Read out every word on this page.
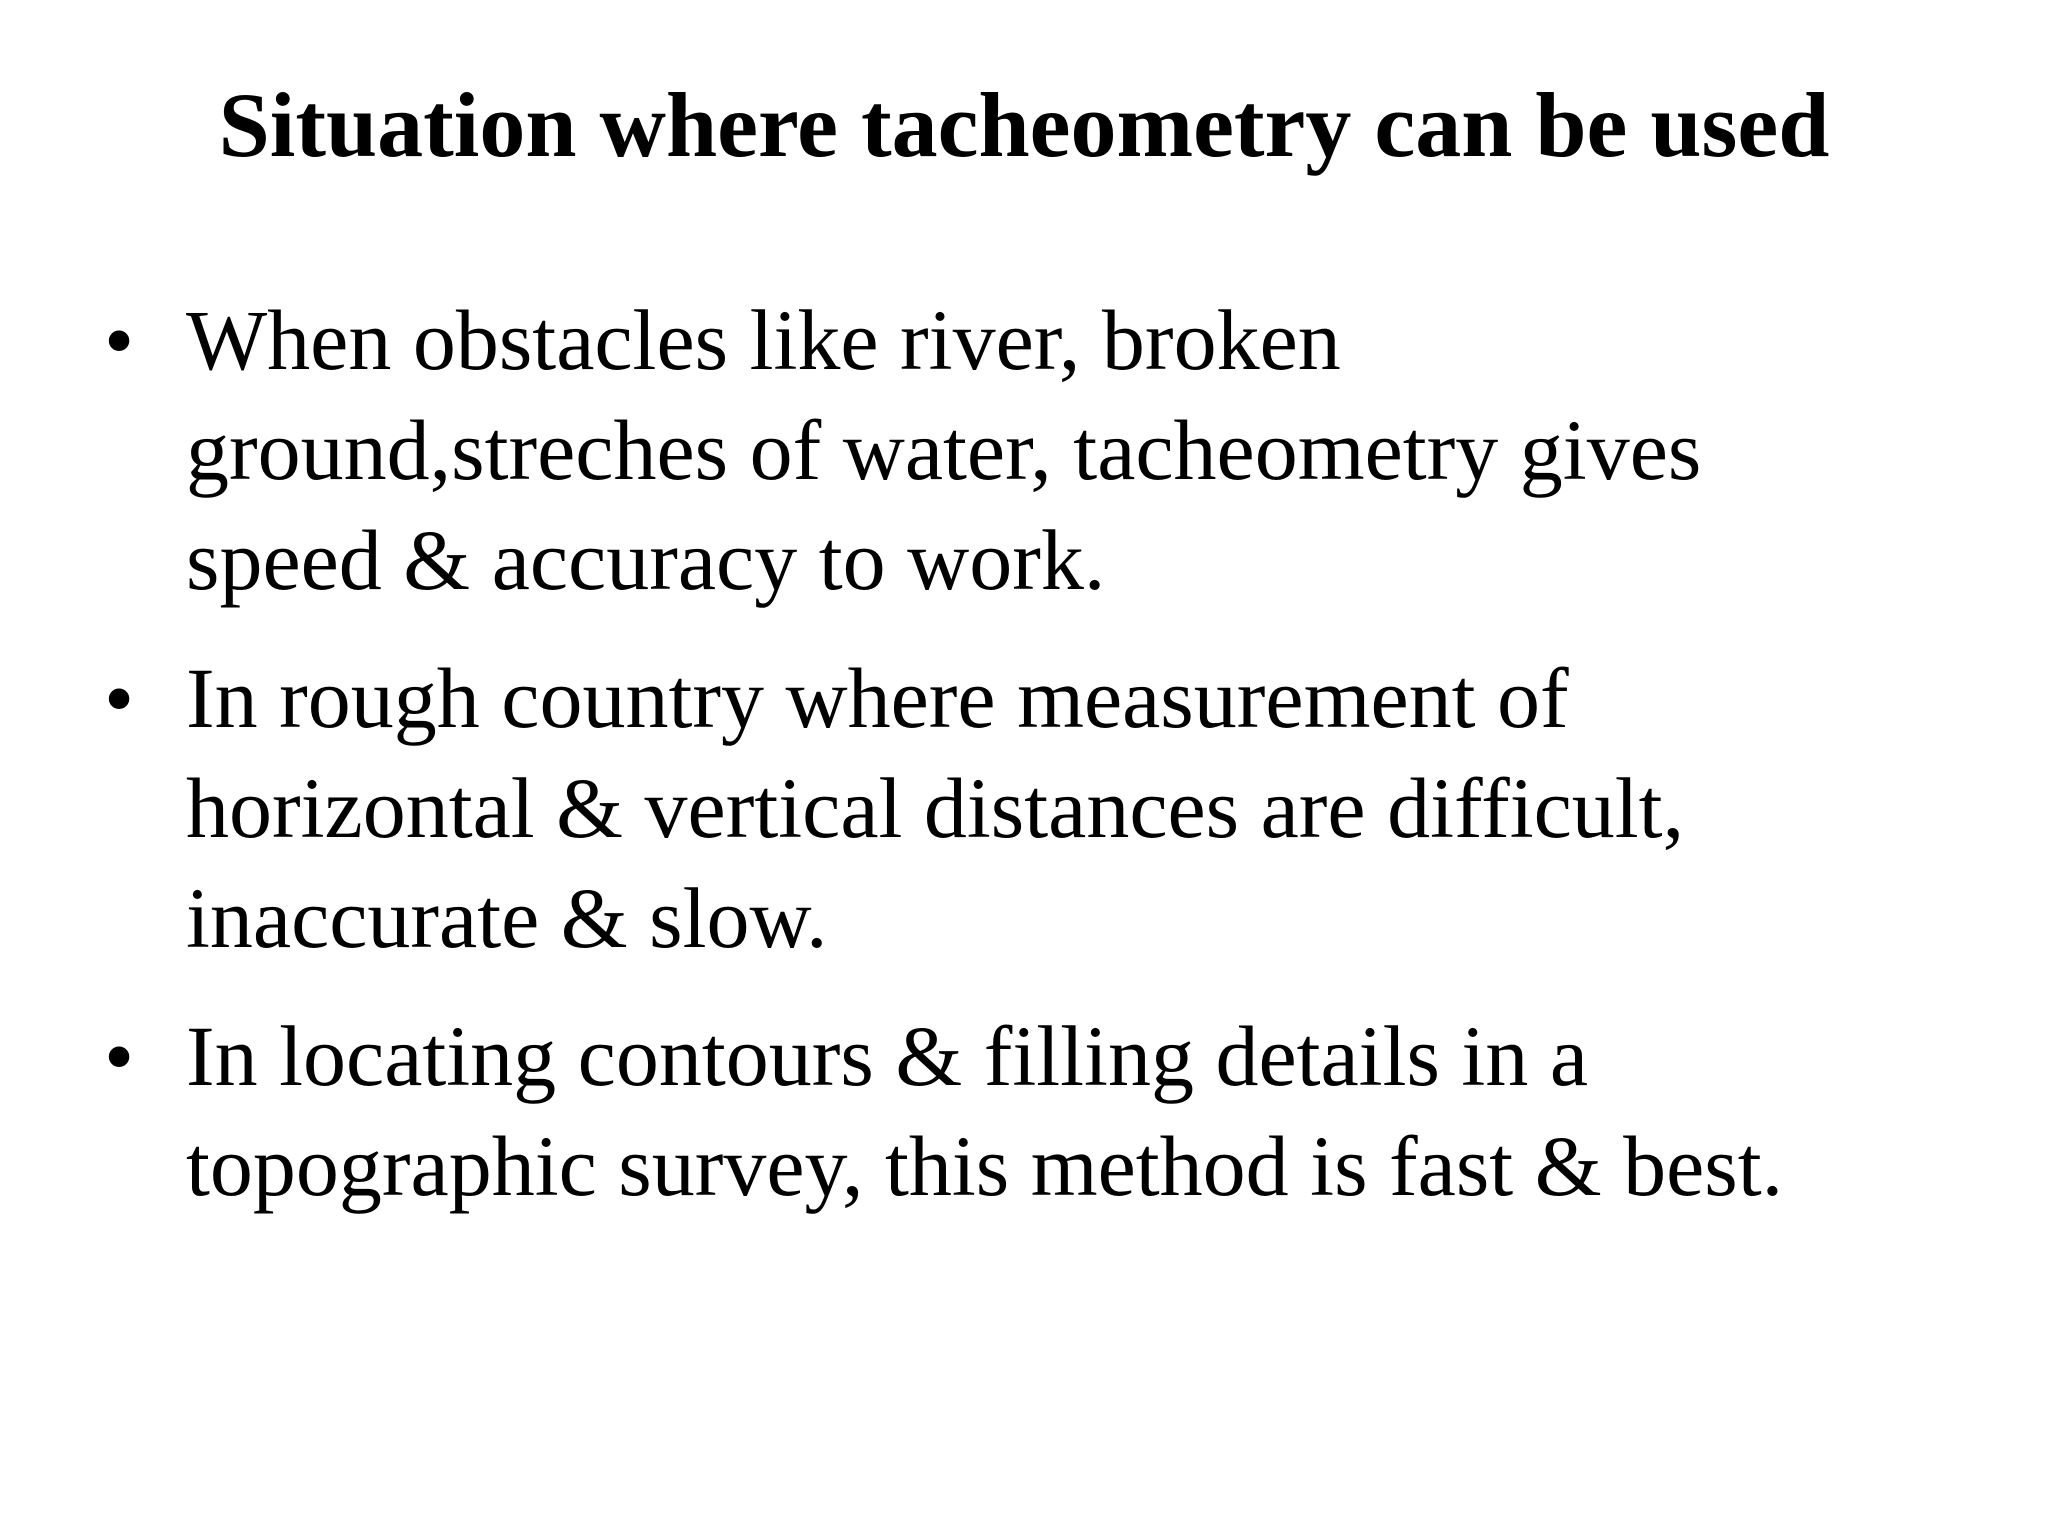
Situation where tacheometry can be used
• When obstacles like river, broken
ground,streches of water, tacheometry gives
speed & accuracy to work.
• In rough country where measurement of
horizontal & vertical distances are difficult,
inaccurate & slow.
• In locating contours & filling details in a
topographic survey, this method is fast & best.
